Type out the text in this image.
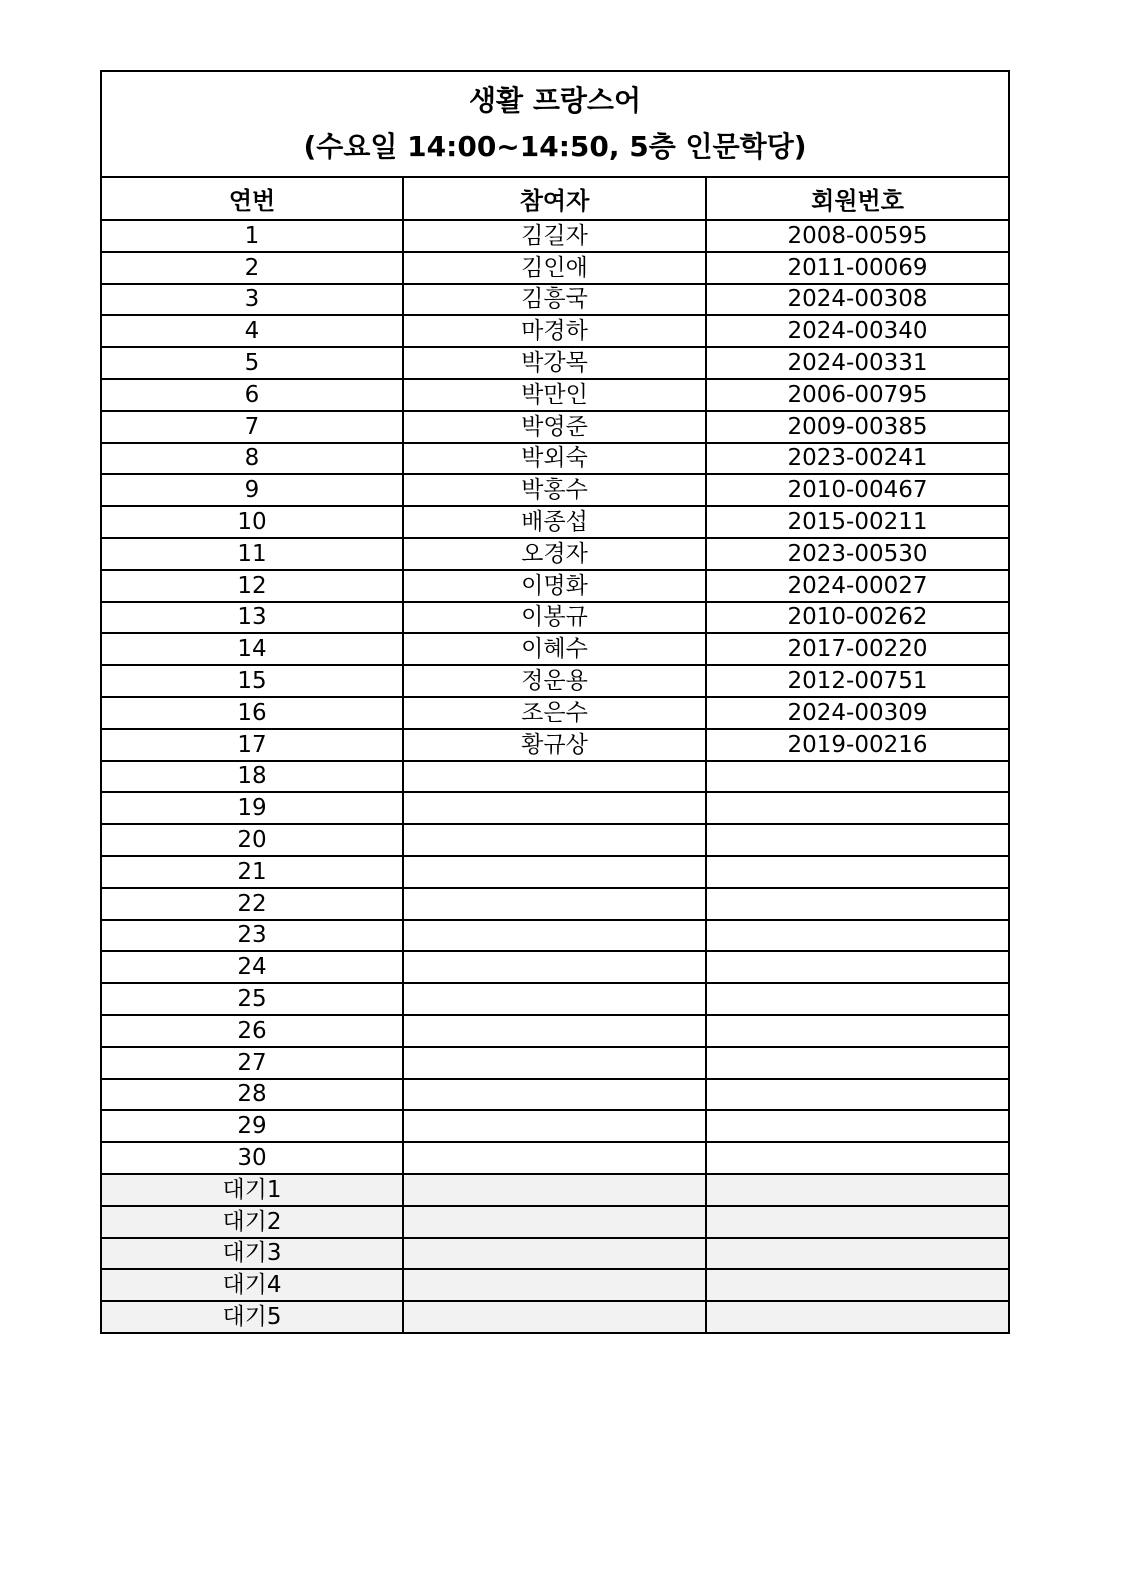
생활 프랑스어
(수요일 14:00~14:50, 5층 인문학당)		

연번	참여자	회원번호
1	김길자	2008-00595
2	김인애	2011-00069
3	김흥국	2024-00308
4	마경하	2024-00340
5	박강목	2024-00331
6	박만인	2006-00795
7	박영준	2009-00385
8	박외숙	2023-00241
9	박홍수	2010-00467
10	배종섭	2015-00211
11	오경자	2023-00530
12	이명화	2024-00027
13	이봉규	2010-00262
14	이혜수	2017-00220
15	정운용	2012-00751
16	조은수	2024-00309
17	황규상	2019-00216
18		
19		
20		
21		
22		
23		
24		
25		
26		
27		
28		
29		
30		
대기1		
대기2		
대기3		
대기4		
대기5		
